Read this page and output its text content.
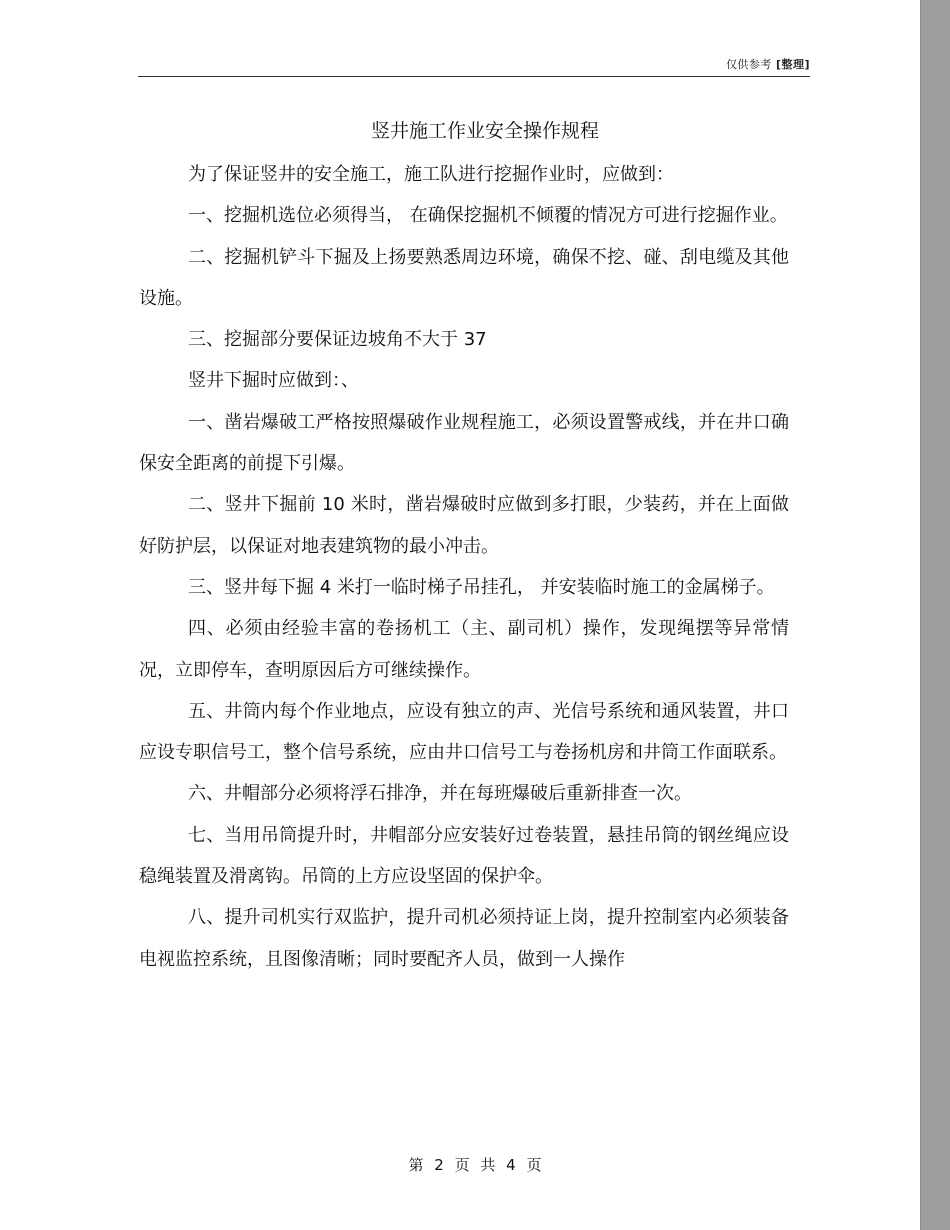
仅供参考 [整理]
竖井施工作业安全操作规程

为了保证竖井的安全施工，施工队进行挖掘作业时，应做到：

一、挖掘机选位必须得当， 在确保挖掘机不倾覆的情况方可进行挖掘作业。

二、挖掘机铲斗下掘及上扬要熟悉周边环境，确保不挖、碰、刮电缆及其他设施。

三、挖掘部分要保证边坡角不大于 37

竖井下掘时应做到：、

一、凿岩爆破工严格按照爆破作业规程施工，必须设置警戒线，并在井口确保安全距离的前提下引爆。

二、竖井下掘前 10 米时，凿岩爆破时应做到多打眼，少装药，并在上面做好防护层，以保证对地表建筑物的最小冲击。

三、竖井每下掘 4 米打一临时梯子吊挂孔， 并安装临时施工的金属梯子。

四、必须由经验丰富的卷扬机工（主、副司机）操作，发现绳摆等异常情况，立即停车，查明原因后方可继续操作。

五、井筒内每个作业地点，应设有独立的声、光信号系统和通风装置，井口应设专职信号工，整个信号系统，应由井口信号工与卷扬机房和井筒工作面联系。

六、井帽部分必须将浮石排净，并在每班爆破后重新排查一次。

七、当用吊筒提升时，井帽部分应安装好过卷装置，悬挂吊筒的钢丝绳应设稳绳装置及滑离钩。吊筒的上方应设坚固的保护伞。

八、提升司机实行双监护，提升司机必须持证上岗，提升控制室内必须装备电视监控系统，且图像清晰；同时要配齐人员，做到一人操作

第 2 页 共 4 页
